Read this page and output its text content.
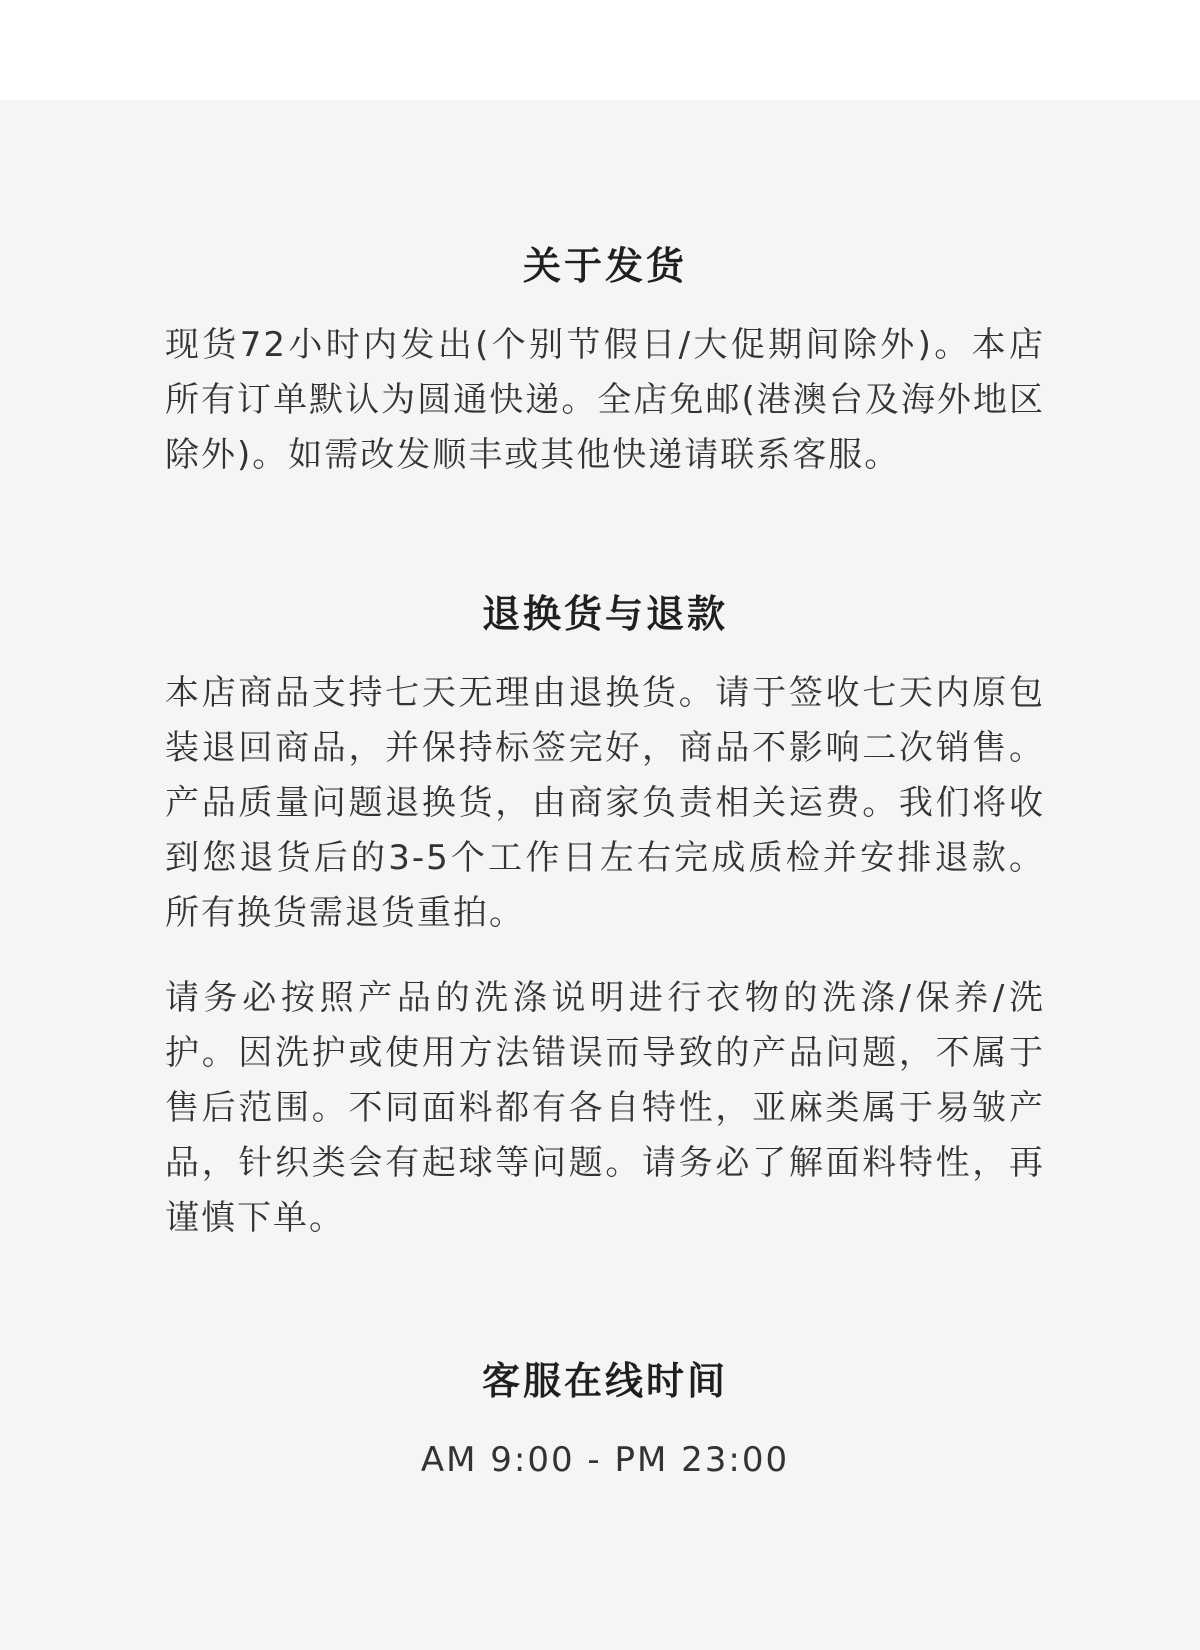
关于发货

现货72小时内发出(个别节假日/大促期间除外)。本店所有订单默认为圆通快递。全店免邮(港澳台及海外地区除外)。如需改发顺丰或其他快递请联系客服。

退换货与退款

本店商品支持七天无理由退换货。请于签收七天内原包装退回商品，并保持标签完好，商品不影响二次销售。产品质量问题退换货，由商家负责相关运费。我们将收到您退货后的3-5个工作日左右完成质检并安排退款。所有换货需退货重拍。

请务必按照产品的洗涤说明进行衣物的洗涤/保养/洗护。因洗护或使用方法错误而导致的产品问题，不属于售后范围。不同面料都有各自特性，亚麻类属于易皱产品，针织类会有起球等问题。请务必了解面料特性，再谨慎下单。

客服在线时间

AM 9:00 - PM 23:00
